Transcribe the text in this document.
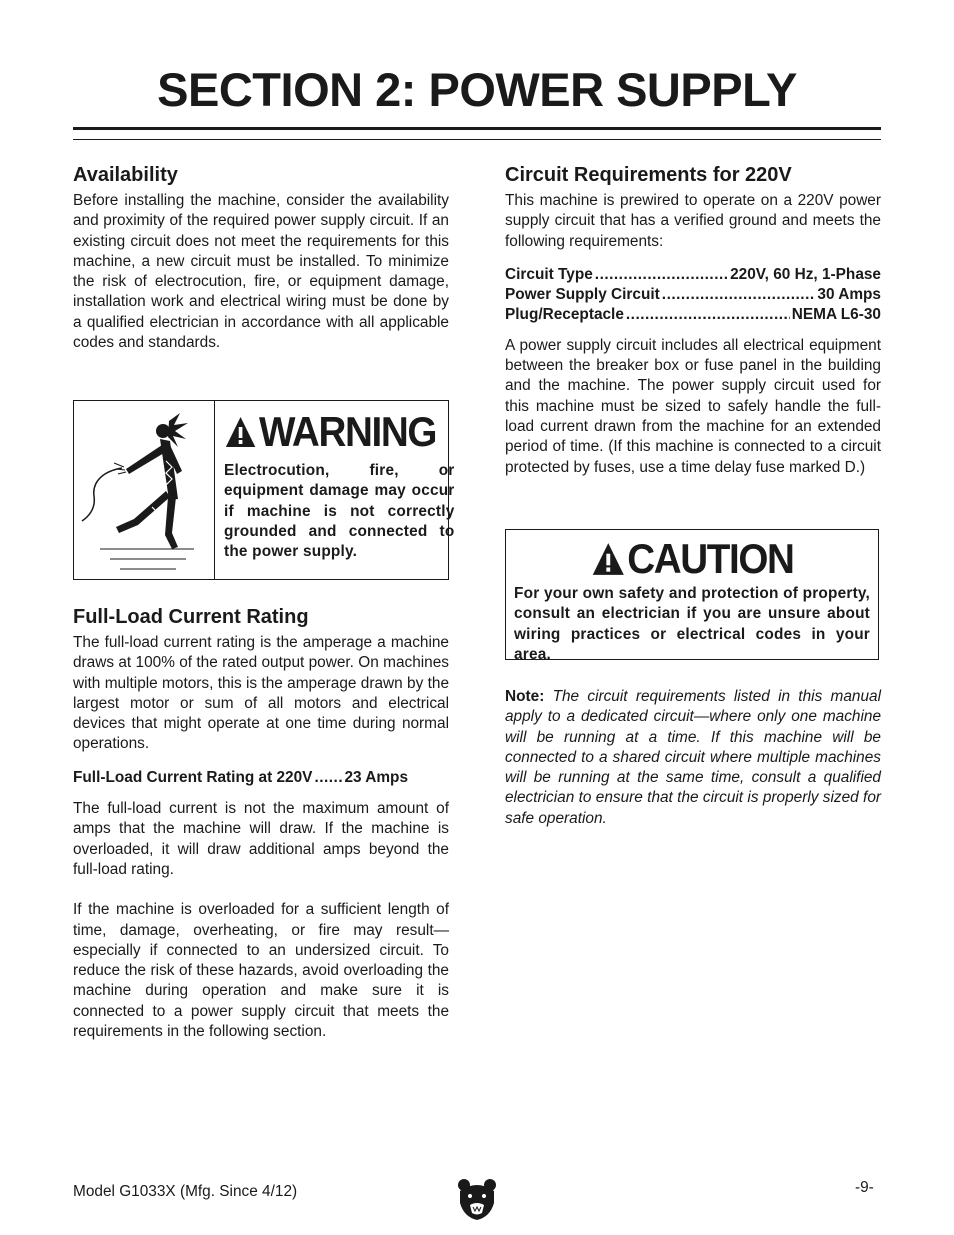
SECTION 2: POWER SUPPLY
Availability

Before installing the machine, consider the availability and proximity of the required power supply circuit. If an existing circuit does not meet the requirements for this machine, a new circuit must be installed. To minimize the risk of electrocution, fire, or equipment damage, installation work and electrical wiring must be done by a qualified electrician in accordance with all applicable codes and standards.

WARNING
Electrocution, fire, or equipment damage may occur if machine is not correctly grounded and connected to the power supply.
Full-Load Current Rating

The full-load current rating is the amperage a machine draws at 100% of the rated output power. On machines with multiple motors, this is the amperage drawn by the largest motor or sum of all motors and electrical devices that might operate at one time during normal operations.

Full-Load Current Rating at 220V ..... 23 Amps

The full-load current is not the maximum amount of amps that the machine will draw. If the machine is overloaded, it will draw additional amps beyond the full-load rating.

If the machine is overloaded for a sufficient length of time, damage, overheating, or fire may result—especially if connected to an undersized circuit. To reduce the risk of these hazards, avoid overloading the machine during operation and make sure it is connected to a power supply circuit that meets the requirements in the following section.

Circuit Requirements for 220V

This machine is prewired to operate on a 220V power supply circuit that has a verified ground and meets the following requirements:

Circuit Type .....	220V, 60 Hz, 1-Phase
Power Supply Circuit .....	30 Amps
Plug/Receptacle .....	NEMA L6-30

A power supply circuit includes all electrical equipment between the breaker box or fuse panel in the building and the machine. The power supply circuit used for this machine must be sized to safely handle the full-load current drawn from the machine for an extended period of time. (If this machine is connected to a circuit protected by fuses, use a time delay fuse marked D.)

CAUTION
For your own safety and protection of property, consult an electrician if you are unsure about wiring practices or electrical codes in your area.

Note: The circuit requirements listed in this manual apply to a dedicated circuit—where only one machine will be running at a time. If this machine will be connected to a shared circuit where multiple machines will be running at the same time, consult a qualified electrician to ensure that the circuit is properly sized for safe operation.

Model G1033X (Mfg. Since 4/12)	-9-
